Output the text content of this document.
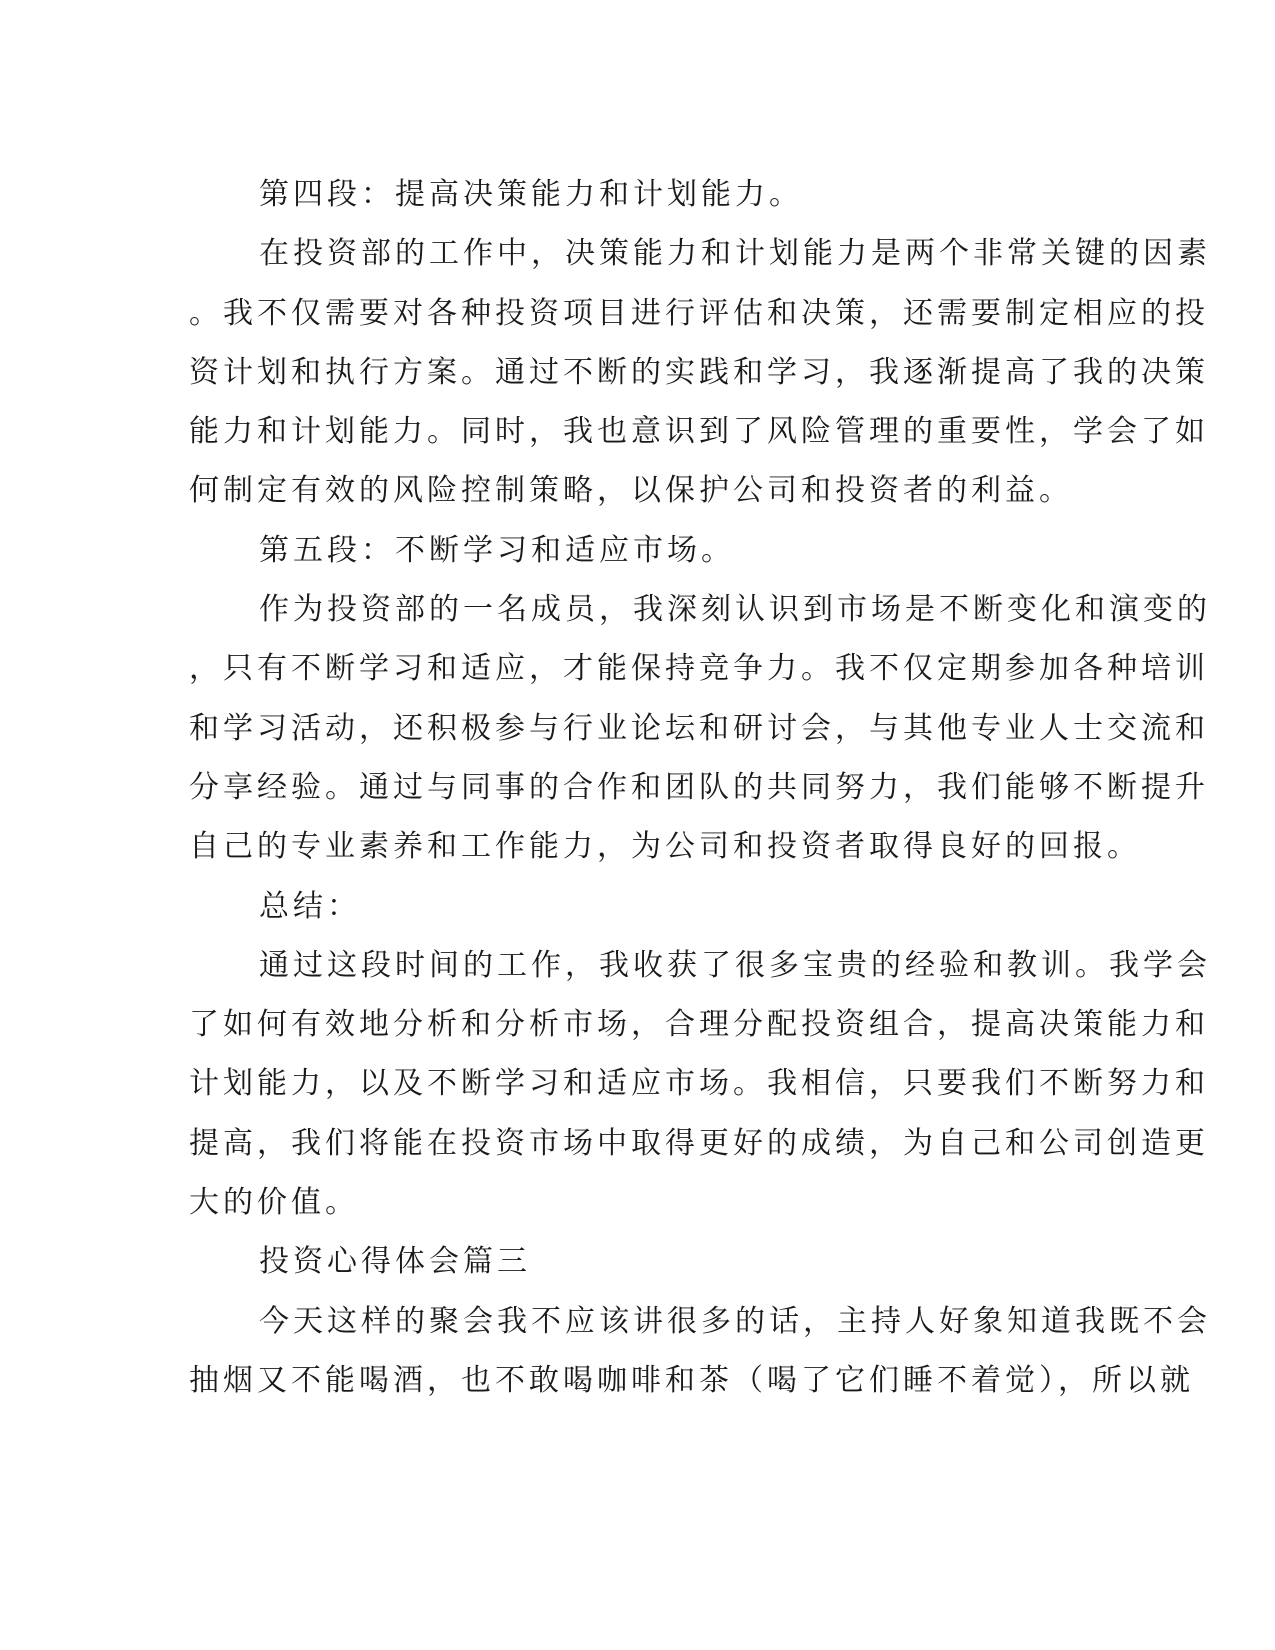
第四段：提高决策能力和计划能力。
在投资部的工作中，决策能力和计划能力是两个非常关键的因素
。我不仅需要对各种投资项目进行评估和决策，还需要制定相应的投
资计划和执行方案。通过不断的实践和学习，我逐渐提高了我的决策
能力和计划能力。同时，我也意识到了风险管理的重要性，学会了如
何制定有效的风险控制策略，以保护公司和投资者的利益。
第五段：不断学习和适应市场。
作为投资部的一名成员，我深刻认识到市场是不断变化和演变的
，只有不断学习和适应，才能保持竞争力。我不仅定期参加各种培训
和学习活动，还积极参与行业论坛和研讨会，与其他专业人士交流和
分享经验。通过与同事的合作和团队的共同努力，我们能够不断提升
自己的专业素养和工作能力，为公司和投资者取得良好的回报。
总结：
通过这段时间的工作，我收获了很多宝贵的经验和教训。我学会
了如何有效地分析和分析市场，合理分配投资组合，提高决策能力和
计划能力，以及不断学习和适应市场。我相信，只要我们不断努力和
提高，我们将能在投资市场中取得更好的成绩，为自己和公司创造更
大的价值。
投资心得体会篇三
今天这样的聚会我不应该讲很多的话，主持人好象知道我既不会
抽烟又不能喝酒，也不敢喝咖啡和茶（喝了它们睡不着觉），所以就
